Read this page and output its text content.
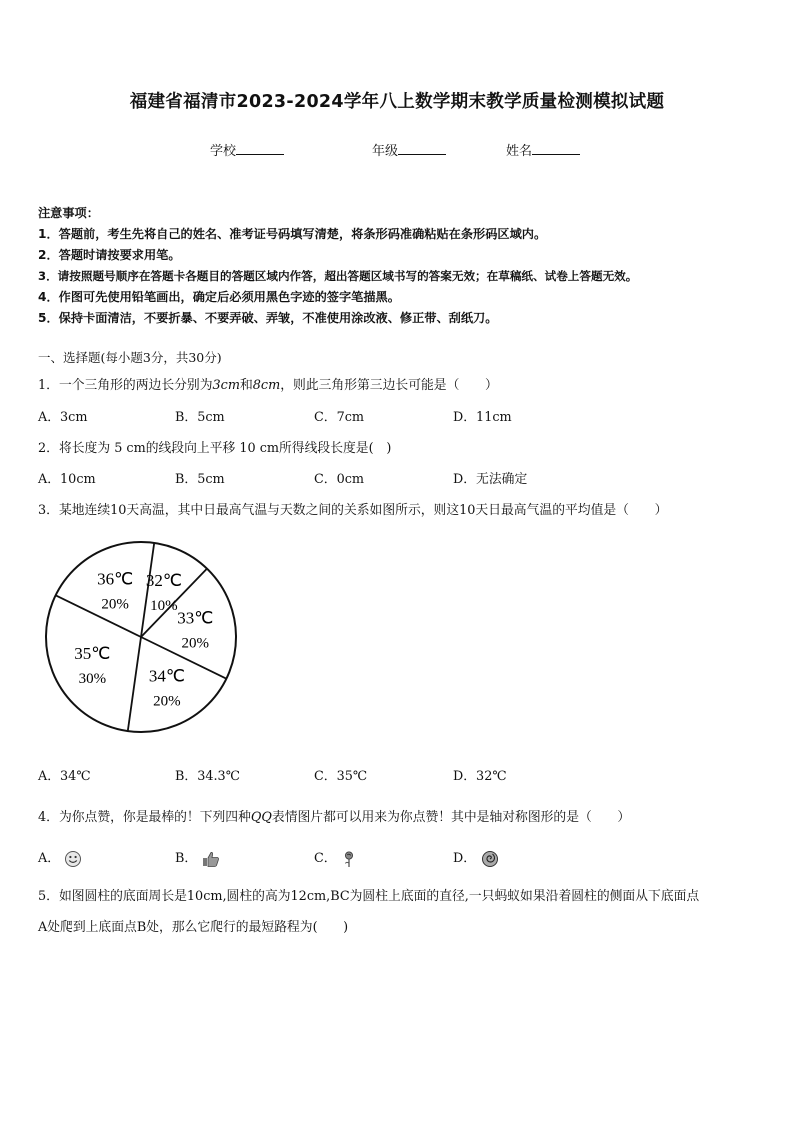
福建省福清市2023-2024学年八上数学期末教学质量检测模拟试题
学校	年级	姓名
注意事项：
1．答题前，考生先将自己的姓名、准考证号码填写清楚，将条形码准确粘贴在条形码区域内。
2．答题时请按要求用笔。
3．请按照题号顺序在答题卡各题目的答题区域内作答，超出答题区域书写的答案无效；在草稿纸、试卷上答题无效。
4．作图可先使用铅笔画出，确定后必须用黑色字迹的签字笔描黑。
5．保持卡面清洁，不要折暴、不要弄破、弄皱，不准使用涂改液、修正带、刮纸刀。
一、选择题(每小题3分，共30分)
1．一个三角形的两边长分别为3cm和8cm，则此三角形第三边长可能是（　　）
A．3cm	B．5cm	C．7cm	D．11cm
2．将长度为 5 cm的线段向上平移 10 cm所得线段长度是(　)
A．10cm	B．5cm	C．0cm	D．无法确定
3．某地连续10天高温，其中日最高气温与天数之间的关系如图所示，则这10天日最高气温的平均值是（　　）
32℃
10%
33℃
20%
34℃
20%
35℃
30%
36℃
20%
A．34℃	B．34.3℃	C．35℃	D．32℃
4．为你点赞，你是最棒的！下列四种QQ表情图片都可以用来为你点赞！其中是轴对称图形的是（　　）
A．	B．	C．	D．
5．如图圆柱的底面周长是10cm,圆柱的高为12cm,BC为圆柱上底面的直径,一只蚂蚁如果沿着圆柱的侧面从下底面点
A处爬到上底面点B处，那么它爬行的最短路程为(　　)
